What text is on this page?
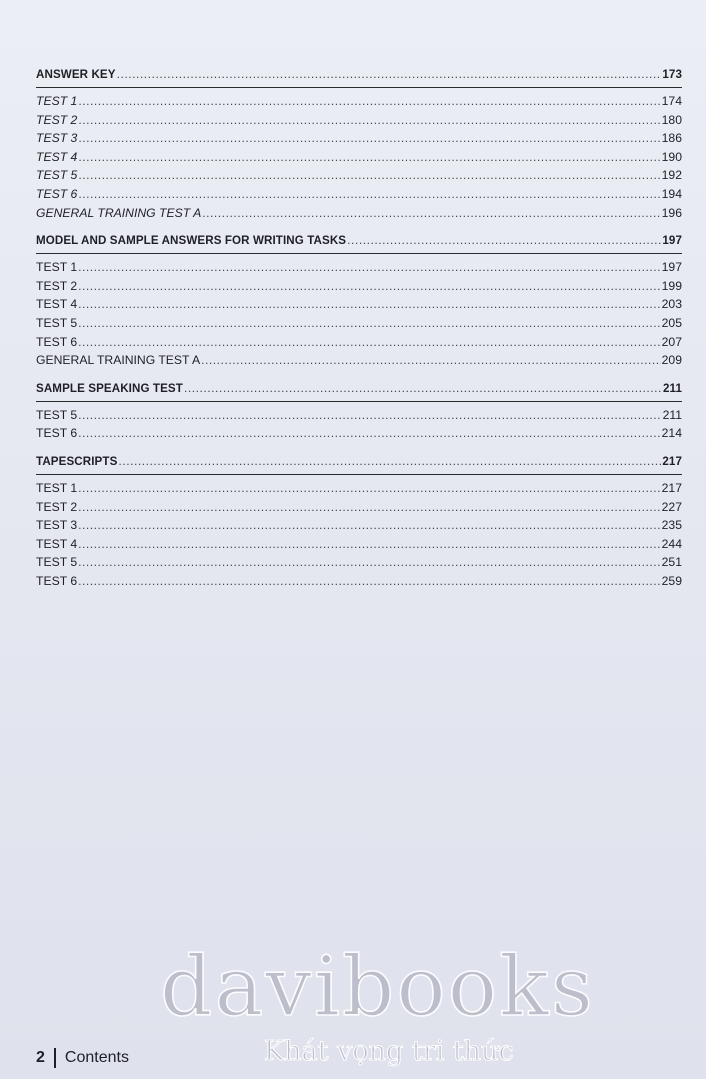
ANSWER KEY .....	173
TEST 1 .....	174
TEST 2 .....	180
TEST 3 .....	186
TEST 4 .....	190
TEST 5 .....	192
TEST 6 .....	194
GENERAL TRAINING TEST A .....	196
MODEL AND SAMPLE ANSWERS FOR WRITING TASKS .....	197
TEST 1 .....	197
TEST 2 .....	199
TEST 4 .....	203
TEST 5 .....	205
TEST 6 .....	207
GENERAL TRAINING TEST A .....	209
SAMPLE SPEAKING TEST .....	211
TEST 5 .....	211
TEST 6 .....	214
TAPESCRIPTS .....	217
TEST 1 .....	217
TEST 2 .....	227
TEST 3 .....	235
TEST 4 .....	244
TEST 5 .....	251
TEST 6 .....	259
davibooks
Khát vọng tri thức
2 Contents
